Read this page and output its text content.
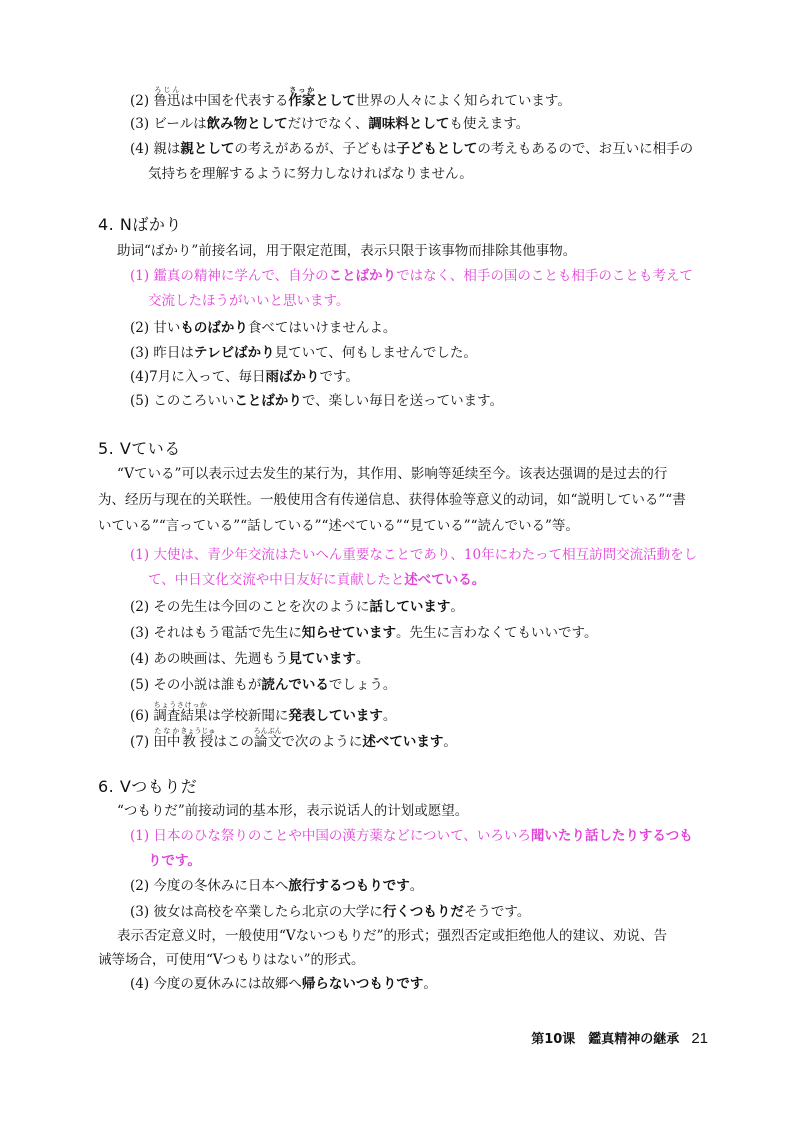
(2) 鲁迅ろじんは中国を代表する作家さっかとして世界の人々によく知られています。
(3) ビールは飲み物としてだけでなく、調味料としても使えます。
(4) 親は親としての考えがあるが、子どもは子どもとしての考えもあるので、お互いに相手の
気持ちを理解するように努力しなければなりません。
4. Nばかり
助词“ばかり”前接名词，用于限定范围，表示只限于该事物而排除其他事物。
(1) 鑑真の精神に学んで、自分のことばかりではなく、相手の国のことも相手のことも考えて
交流したほうがいいと思います。
(2) 甘いものばかり食べてはいけませんよ。
(3) 昨日はテレビばかり見ていて、何もしませんでした。
(4)7月に入って、毎日雨ばかりです。
(5) このころいいことばかりで、楽しい毎日を送っています。
5. Vている
“Vている”可以表示过去发生的某行为，其作用、影响等延续至今。该表达强调的是过去的行
为、经历与现在的关联性。一般使用含有传递信息、获得体验等意义的动词，如“説明している”“書
いている”“言っている”“話している”“述べている”“見ている”“読んでいる”等。
(1) 大使は、青少年交流はたいへん重要なことであり、10年にわたって相互訪問交流活動をし
て、中日文化交流や中日友好に貢献したと述べている。
(2) その先生は今回のことを次のように話しています。
(3) それはもう電話で先生に知らせています。先生に言わなくてもいいです。
(4) あの映画は、先週もう見ています。
(5) その小説は誰もが読んでいるでしょう。
(6) 調査結果ちょうさけっかは学校新聞に発表しています。
(7) 田中たなか教授きょうじゅはこの論文ろんぶんで次のように述べています。
6. Vつもりだ
“つもりだ”前接动词的基本形，表示说话人的计划或愿望。
(1) 日本のひな祭りのことや中国の漢方薬などについて、いろいろ聞いたり話したりするつも
りです。
(2) 今度の冬休みに日本へ旅行するつもりです。
(3) 彼女は高校を卒業したら北京の大学に行くつもりだそうです。
表示否定意义时，一般使用“Vないつもりだ”的形式；强烈否定或拒绝他人的建议、劝说、告
诫等场合，可使用“Vつもりはない”的形式。
(4) 今度の夏休みには故郷へ帰らないつもりです。
第10课　鑑真精神の継承 21
